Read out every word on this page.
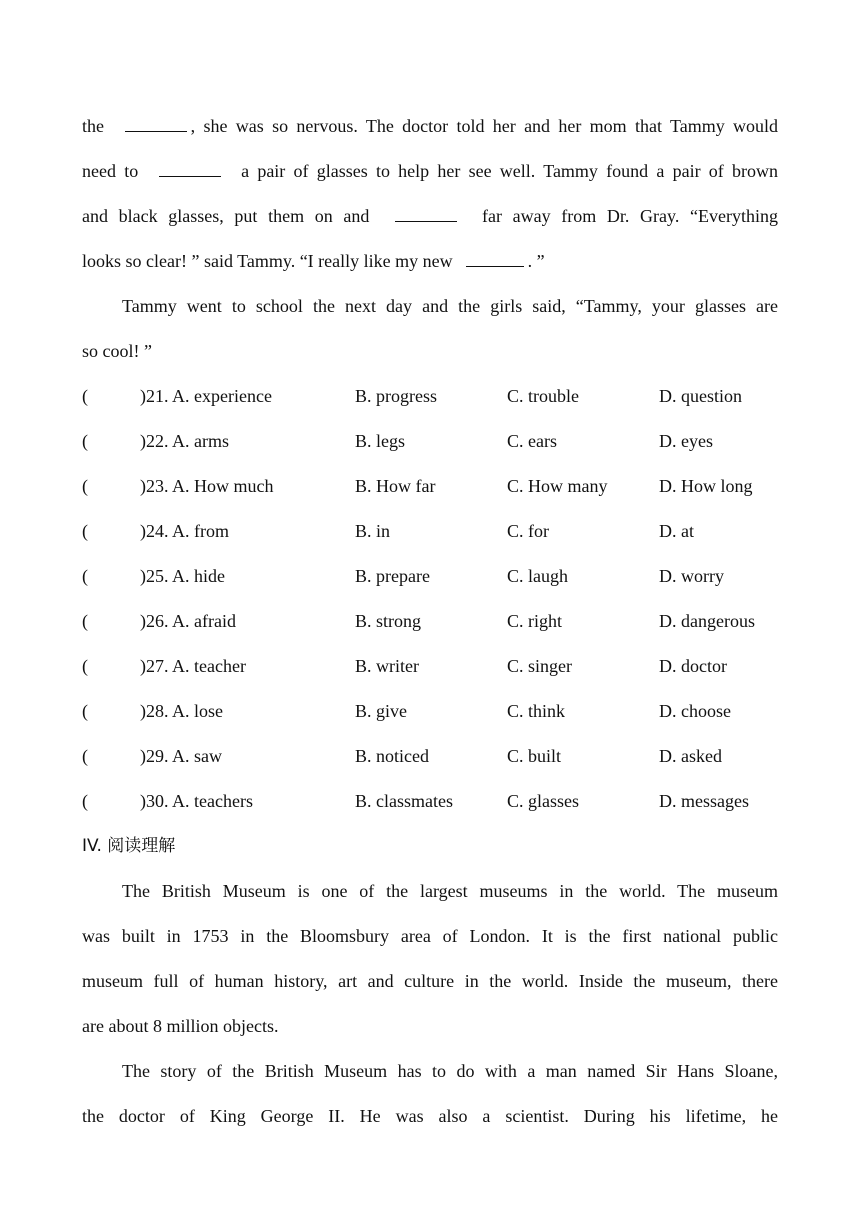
the	, she was so nervous. The doctor told her and her mom that Tammy would
need to	a pair of glasses to help her see well. Tammy found a pair of brown
and black glasses, put them on and	far away from Dr. Gray. “Everything
looks so clear! ” said Tammy. “I really like my new	. ”
Tammy went to school the next day and the girls said, “Tammy, your glasses are
so cool! ”
(	)21. A. experience	B. progress	C. trouble	D. question
(	)22. A. arms	B. legs	C. ears	D. eyes
(	)23. A. How much	B. How far	C. How many	D. How long
(	)24. A. from	B. in	C. for	D. at
(	)25. A. hide	B. prepare	C. laugh	D. worry
(	)26. A. afraid	B. strong	C. right	D. dangerous
(	)27. A. teacher	B. writer	C. singer	D. doctor
(	)28. A. lose	B. give	C. think	D. choose
(	)29. A. saw	B. noticed	C. built	D. asked
(	)30. A. teachers	B. classmates	C. glasses	D. messages
IV. 阅读理解
The British Museum is one of the largest museums in the world. The museum
was built in 1753 in the Bloomsbury area of London. It is the first national public
museum full of human history, art and culture in the world. Inside the museum, there
are about 8 million objects.
The story of the British Museum has to do with a man named Sir Hans Sloane,
the doctor of King George II. He was also a scientist. During his lifetime, he
